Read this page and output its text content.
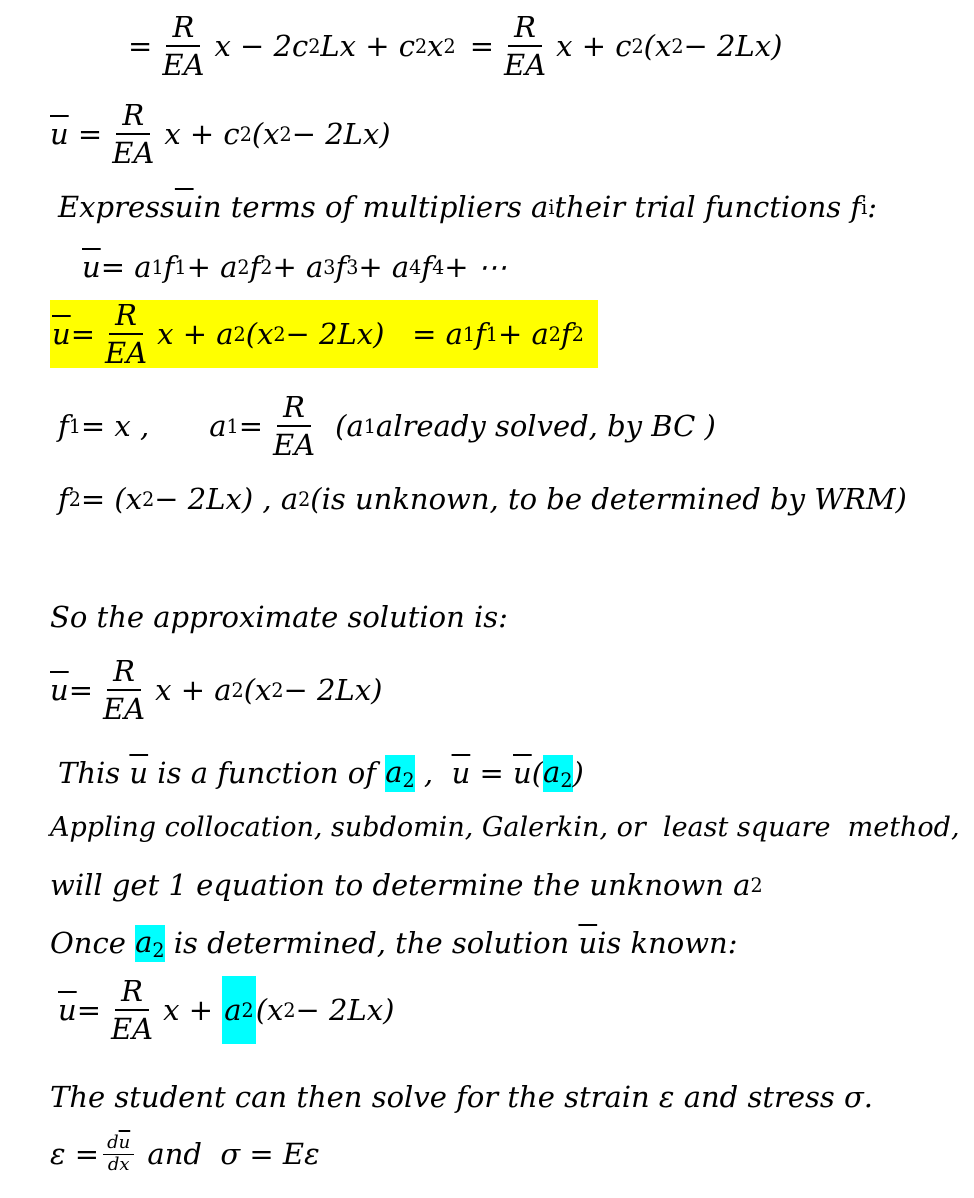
= $\frac{R}{EA}$ x − 2c 2 Lx + c 2 x $2 = \frac{R}{EA}$ x + c 2 (x 2 − 2Lx)
$\overline{u} = \frac{R}{EA}$ x + c 2 (x 2 − 2Lx)
Express $\overline{u}$ in terms of multipliers a i their trial functions f i :
$\overline{u} = a$ 1 f 1 + a 2 f 2 + a 3 f 3 + a 4 f 4 + ⋯
$\overline{u} = \frac{R}{EA}$ x + a 2 (x 2 − 2Lx)   = a 1 f 1 + a 2 f 2
f 1 = x , a $1 = \frac{R}{EA} (a$ 1 already solved, by BC )
f 2 = (x 2 − 2Lx) , a 2 (is unknown, to be determined by WRM)
So the approximate solution is:
$\overline{u} = \frac{R}{EA}$ x + a 2 (x 2 − 2Lx)
This $\overline{u}$ is a function of $a_2$ , $\overline{u} = \overline{u}$ ( $a_2$ )
Appling collocation, subdomin, Galerkin, or  least square  method,
will get 1 equation to determine the unknown a 2
Once $a_2$ is determined, the solution $\overline{u}$ is known:
$\overline{u} = \frac{R}{EA}$ x + a 2 (x 2 − 2Lx)
The student can then solve for the strain ε and stress σ.
$\varepsilon = \frac{d\overline{u}}{dx}$ and  σ = Eε
